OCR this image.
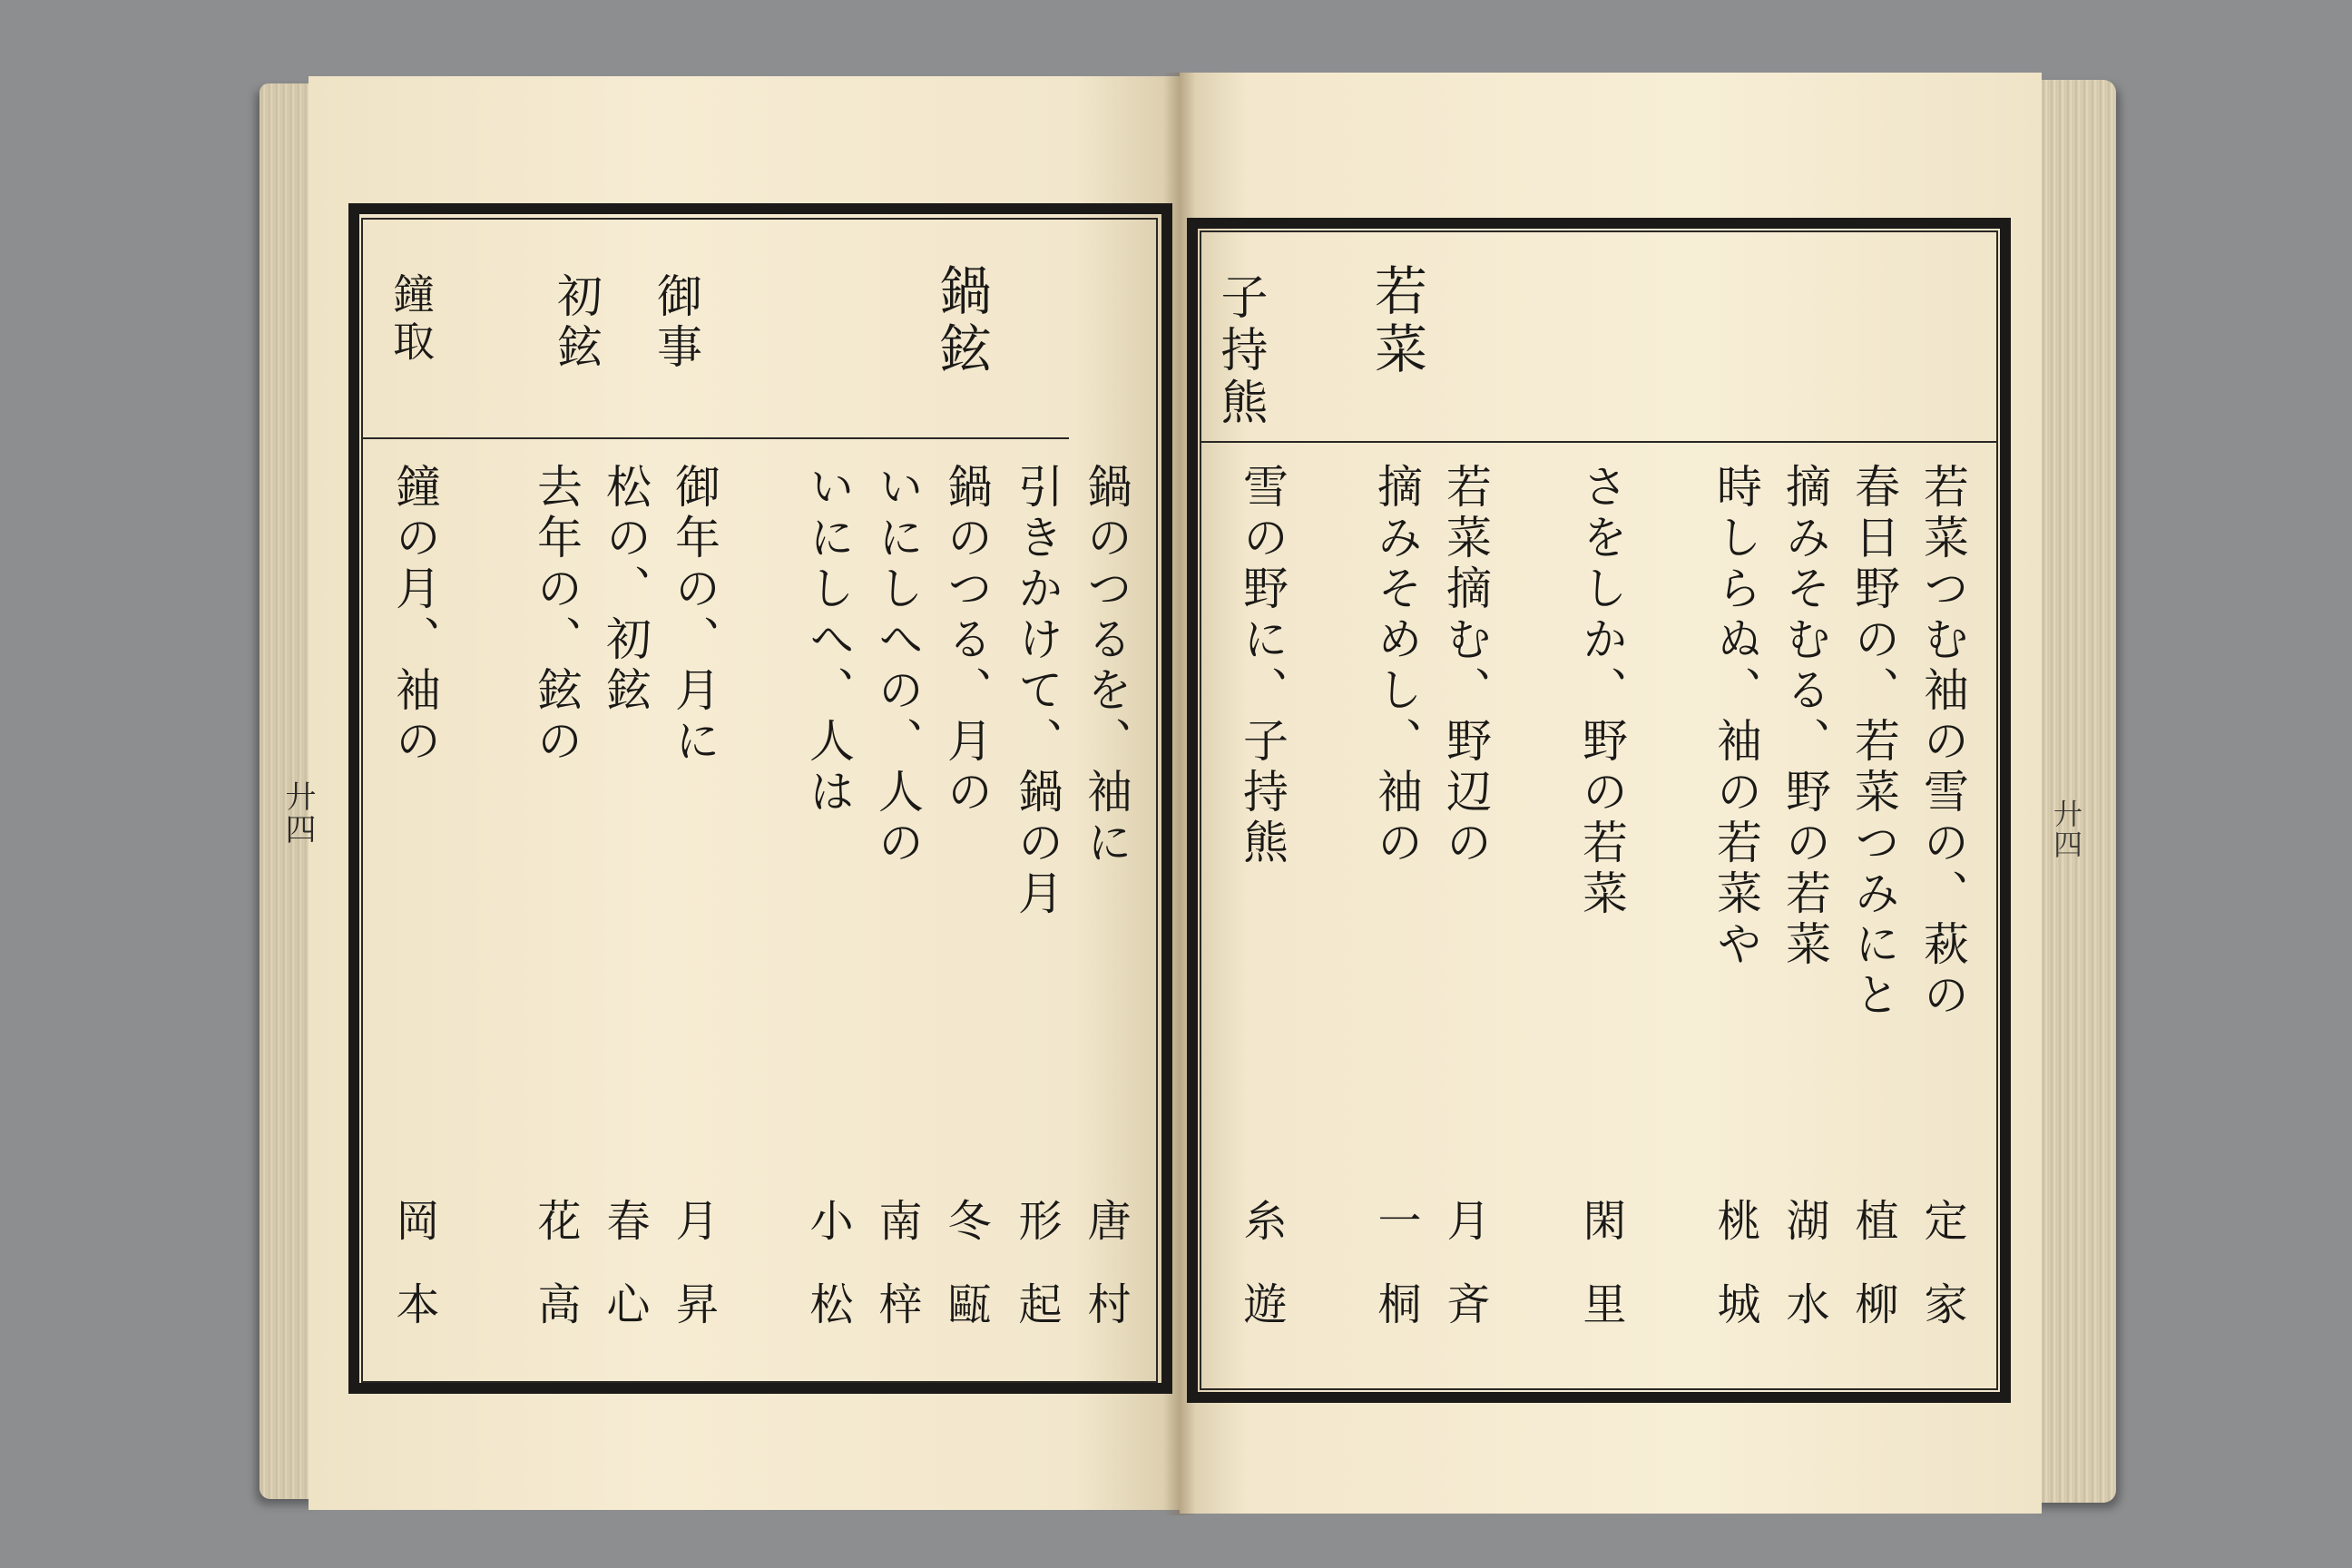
廾四	廾四
若菜
子持熊
若菜つむ袖の雪の、萩の
定家
春日野の、若菜つみにと
植柳
摘みそむる、野の若菜
湖水
時しらぬ、袖の若菜や
桃城
さをしか、野の若菜
閑里
若菜摘む、野辺の
月斉
摘みそめし、袖の
一桐
雪の野に、子持熊
糸遊
鍋鉉
御事
初鉉
鐘取
鍋のつるを、袖に
唐村
引きかけて、鍋の月
形起
鍋のつる、月の
冬甌
いにしへの、人の
南梓
いにしへ、人は
小松
御年の、月に
月昇
松の、初鉉
春心
去年の、鉉の
花高
鐘の月、袖の
岡本
